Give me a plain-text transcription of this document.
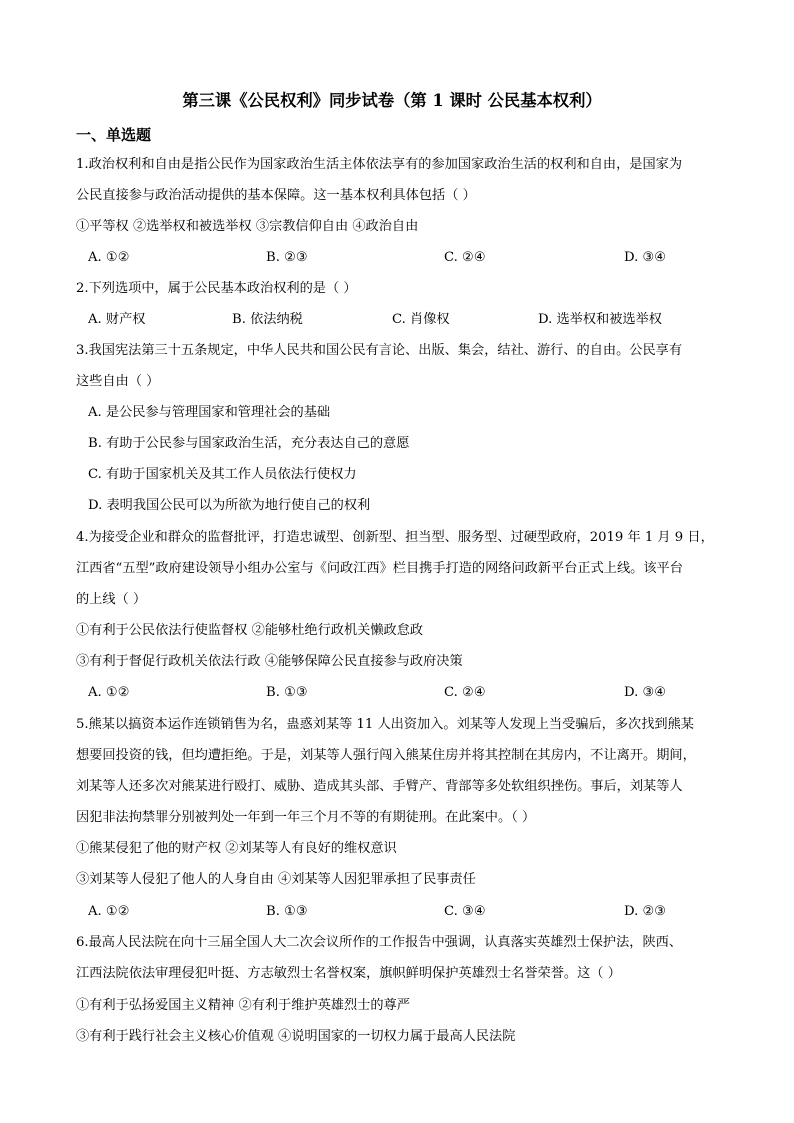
第三课《公民权利》同步试卷（第 1 课时 公民基本权利）
一、单选题
1.政治权利和自由是指公民作为国家政治生活主体依法享有的参加国家政治生活的权利和自由，是国家为
公民直接参与政治活动提供的基本保障。这一基本权利具体包括（ ）
①平等权 ②选举权和被选举权 ③宗教信仰自由 ④政治自由
A. ①②	B. ②③	C. ②④	D. ③④
2.下列选项中，属于公民基本政治权利的是（ ）
A. 财产权	B. 依法纳税	C. 肖像权	D. 选举权和被选举权
3.我国宪法第三十五条规定，中华人民共和国公民有言论、出版、集会，结社、游行、的自由。公民享有
这些自由（ ）
A. 是公民参与管理国家和管理社会的基础
B. 有助于公民参与国家政治生活，充分表达自己的意愿
C. 有助于国家机关及其工作人员依法行使权力
D. 表明我国公民可以为所欲为地行使自己的权利
4.为接受企业和群众的监督批评，打造忠诚型、创新型、担当型、服务型、过硬型政府，2019 年 1 月 9 日，
江西省“五型”政府建设领导小组办公室与《问政江西》栏目携手打造的网络问政新平台正式上线。该平台
的上线（ ）
①有利于公民依法行使监督权 ②能够杜绝行政机关懒政怠政
③有利于督促行政机关依法行政 ④能够保障公民直接参与政府决策
A. ①②	B. ①③	C. ②④	D. ③④
5.熊某以搞资本运作连锁销售为名，蛊惑刘某等 11 人出资加入。刘某等人发现上当受骗后，多次找到熊某
想要回投资的钱，但均遭拒绝。于是，刘某等人强行闯入熊某住房并将其控制在其房内，不让离开。期间，
刘某等人还多次对熊某进行殴打、威胁、造成其头部、手臂产、背部等多处软组织挫伤。事后，刘某等人
因犯非法拘禁罪分别被判处一年到一年三个月不等的有期徒刑。在此案中。（ ）
①熊某侵犯了他的财产权 ②刘某等人有良好的维权意识
③刘某等人侵犯了他人的人身自由 ④刘某等人因犯罪承担了民事责任
A. ①②	B. ①③	C. ③④	D. ②③
6.最高人民法院在向十三届全国人大二次会议所作的工作报告中强调，认真落实英雄烈士保护法，陕西、
江西法院依法审理侵犯叶挺、方志敏烈士名誉权案，旗帜鲜明保护英雄烈士名誉荣誉。这（ ）
①有利于弘扬爱国主义精神 ②有利于维护英雄烈士的尊严
③有利于践行社会主义核心价值观 ④说明国家的一切权力属于最高人民法院
